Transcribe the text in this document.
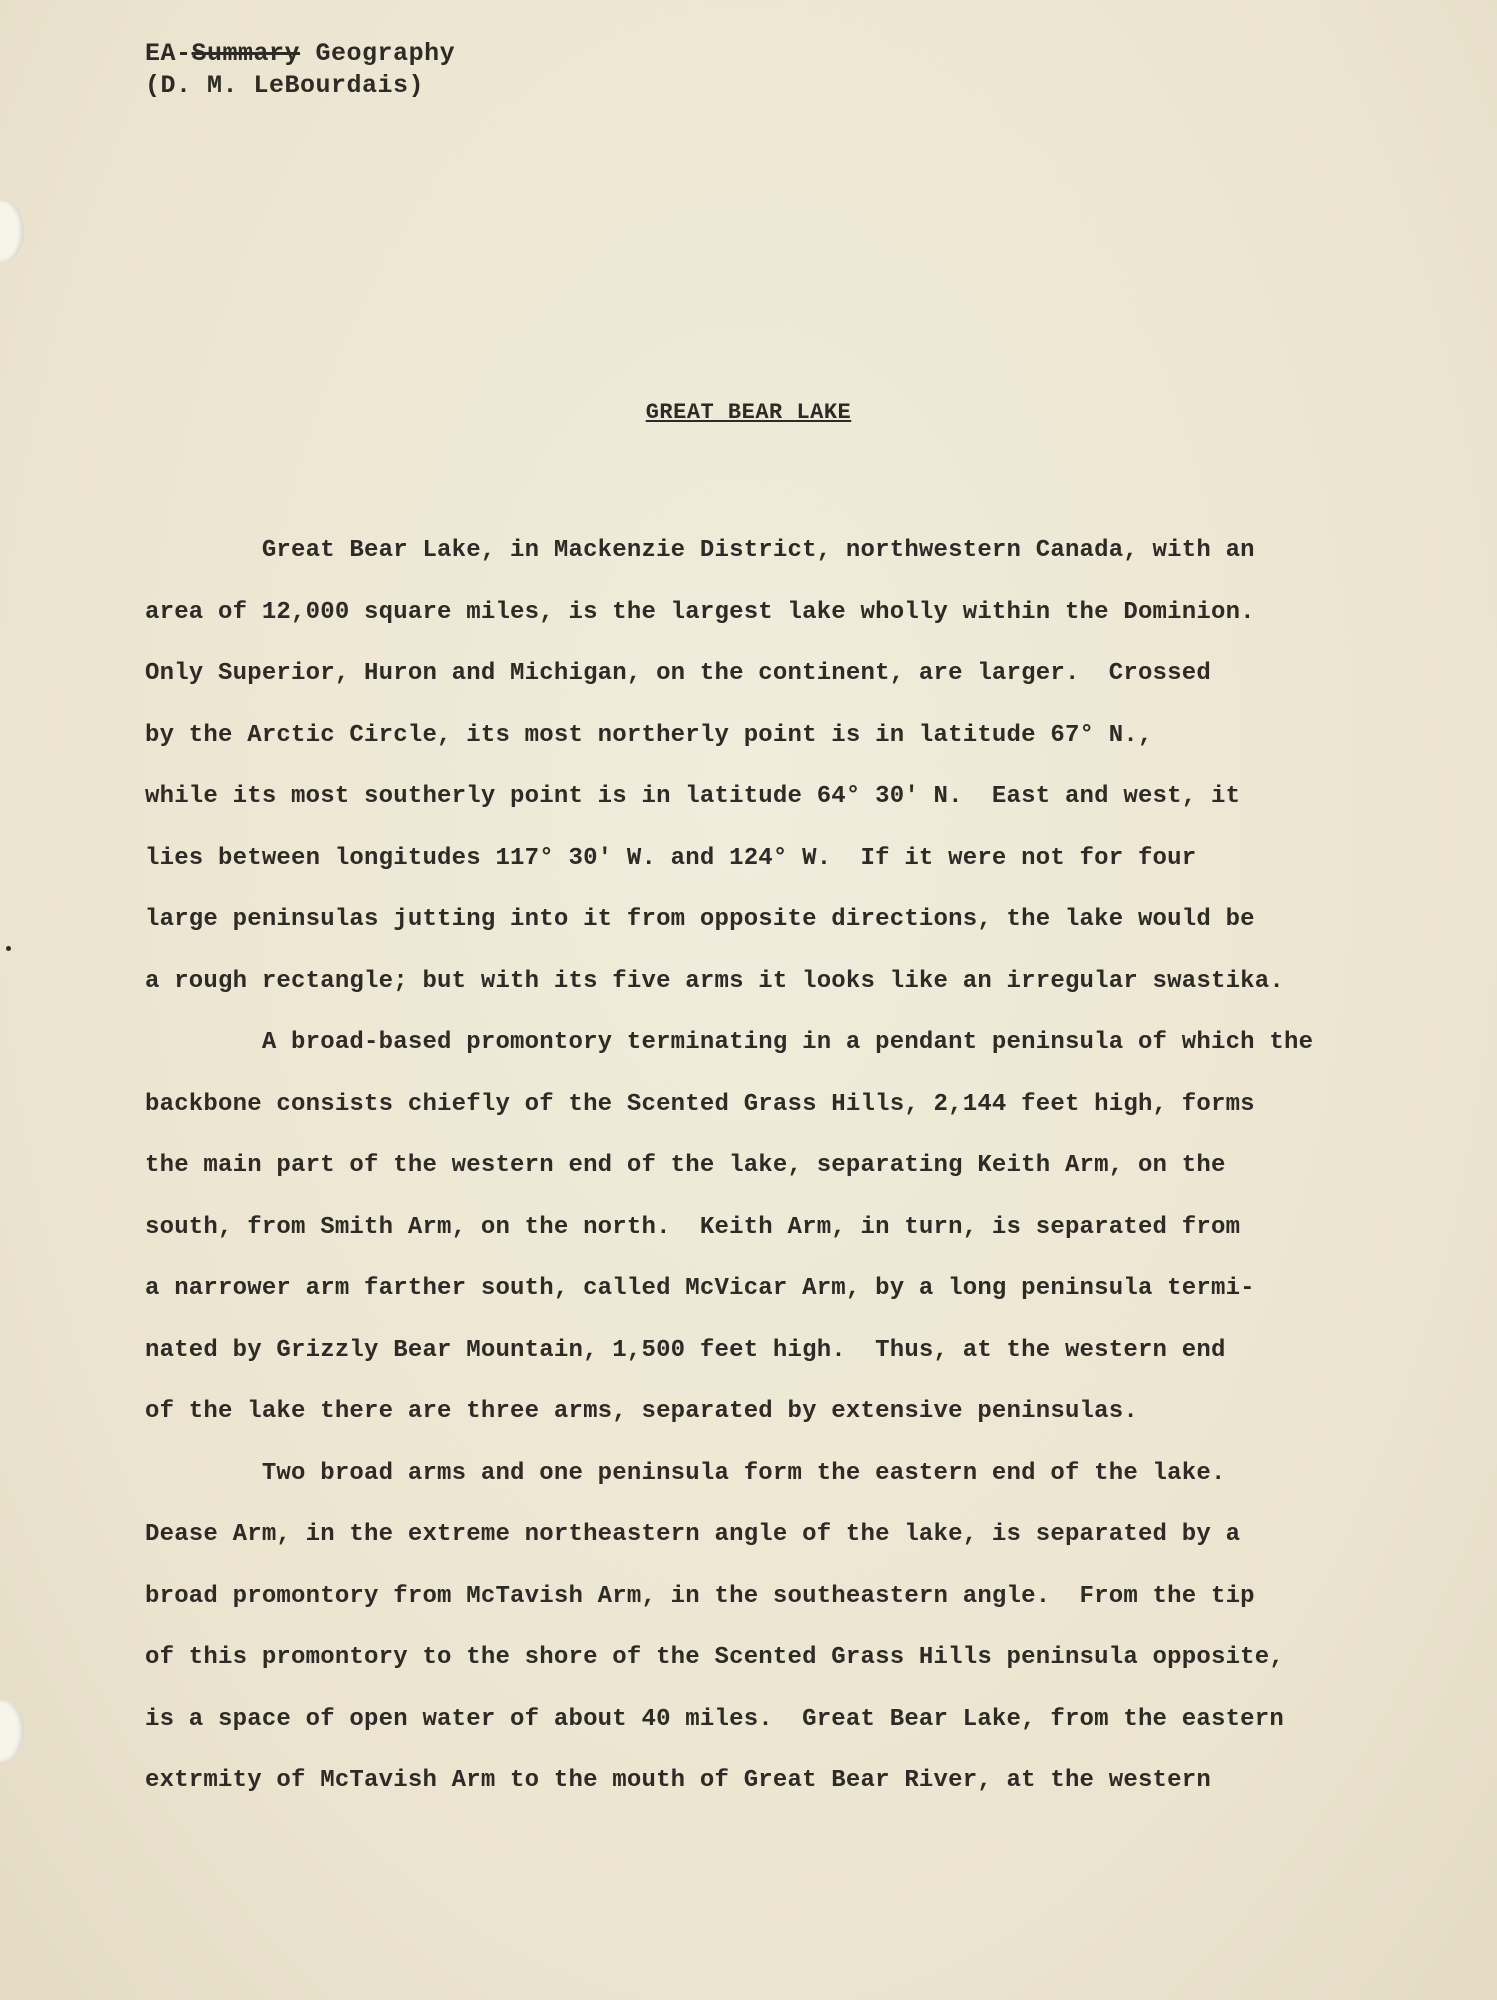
EA-Summary Geography
(D. M. LeBourdais)
GREAT BEAR LAKE
Great Bear Lake, in Mackenzie District, northwestern Canada, with an
area of 12,000 square miles, is the largest lake wholly within the Dominion.
Only Superior, Huron and Michigan, on the continent, are larger.  Crossed
by the Arctic Circle, its most northerly point is in latitude 67° N.,
while its most southerly point is in latitude 64° 30' N.  East and west, it
lies between longitudes 117° 30' W. and 124° W.  If it were not for four
large peninsulas jutting into it from opposite directions, the lake would be
a rough rectangle; but with its five arms it looks like an irregular swastika.
A broad-based promontory terminating in a pendant peninsula of which the
backbone consists chiefly of the Scented Grass Hills, 2,144 feet high, forms
the main part of the western end of the lake, separating Keith Arm, on the
south, from Smith Arm, on the north.  Keith Arm, in turn, is separated from
a narrower arm farther south, called McVicar Arm, by a long peninsula termi-
nated by Grizzly Bear Mountain, 1,500 feet high.  Thus, at the western end
of the lake there are three arms, separated by extensive peninsulas.
Two broad arms and one peninsula form the eastern end of the lake.
Dease Arm, in the extreme northeastern angle of the lake, is separated by a
broad promontory from McTavish Arm, in the southeastern angle.  From the tip
of this promontory to the shore of the Scented Grass Hills peninsula opposite,
is a space of open water of about 40 miles.  Great Bear Lake, from the eastern
extrmity of McTavish Arm to the mouth of Great Bear River, at the western
